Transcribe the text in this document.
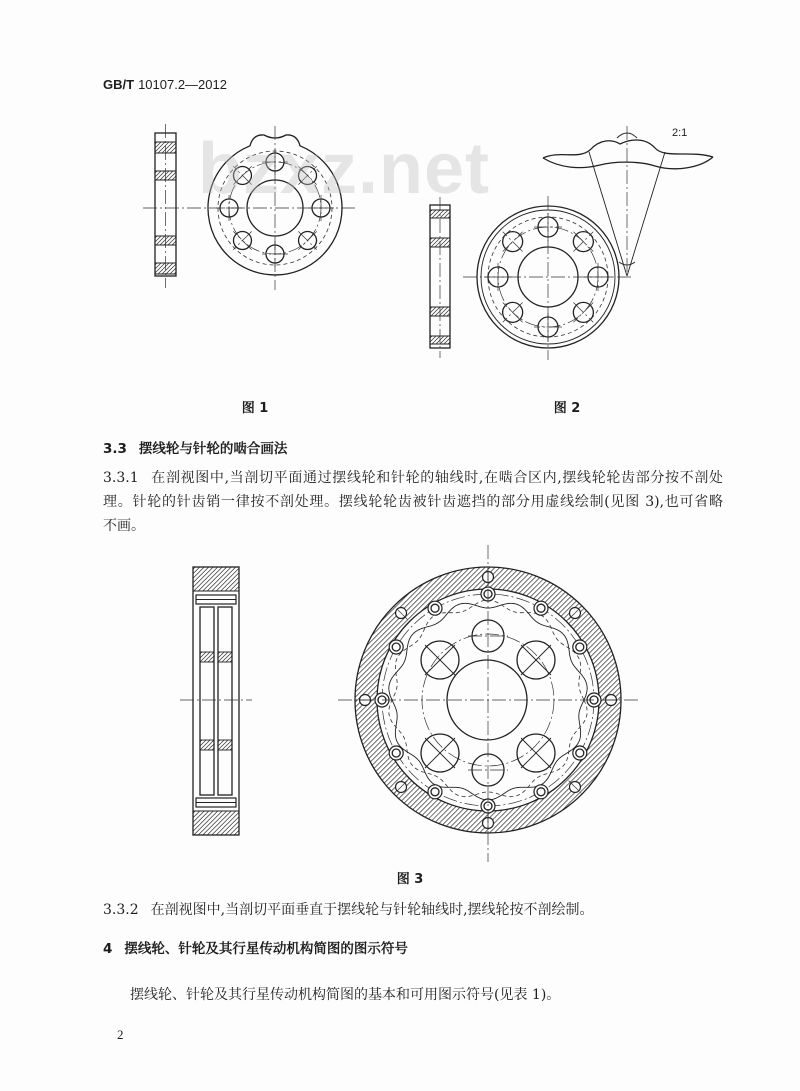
GB/T 10107.2—2012
bzxz.net	2:1
图 1	图 2
3.3 摆线轮与针轮的啮合画法
3.3.1 在剖视图中,当剖切平面通过摆线轮和针轮的轴线时,在啮合区内,摆线轮轮齿部分按不剖处
理。针轮的针齿销一律按不剖处理。摆线轮轮齿被针齿遮挡的部分用虚线绘制(见图 3),也可省略
不画。
图 3
3.3.2 在剖视图中,当剖切平面垂直于摆线轮与针轮轴线时,摆线轮按不剖绘制。
4 摆线轮、针轮及其行星传动机构简图的图示符号
摆线轮、针轮及其行星传动机构简图的基本和可用图示符号(见表 1)。
2
